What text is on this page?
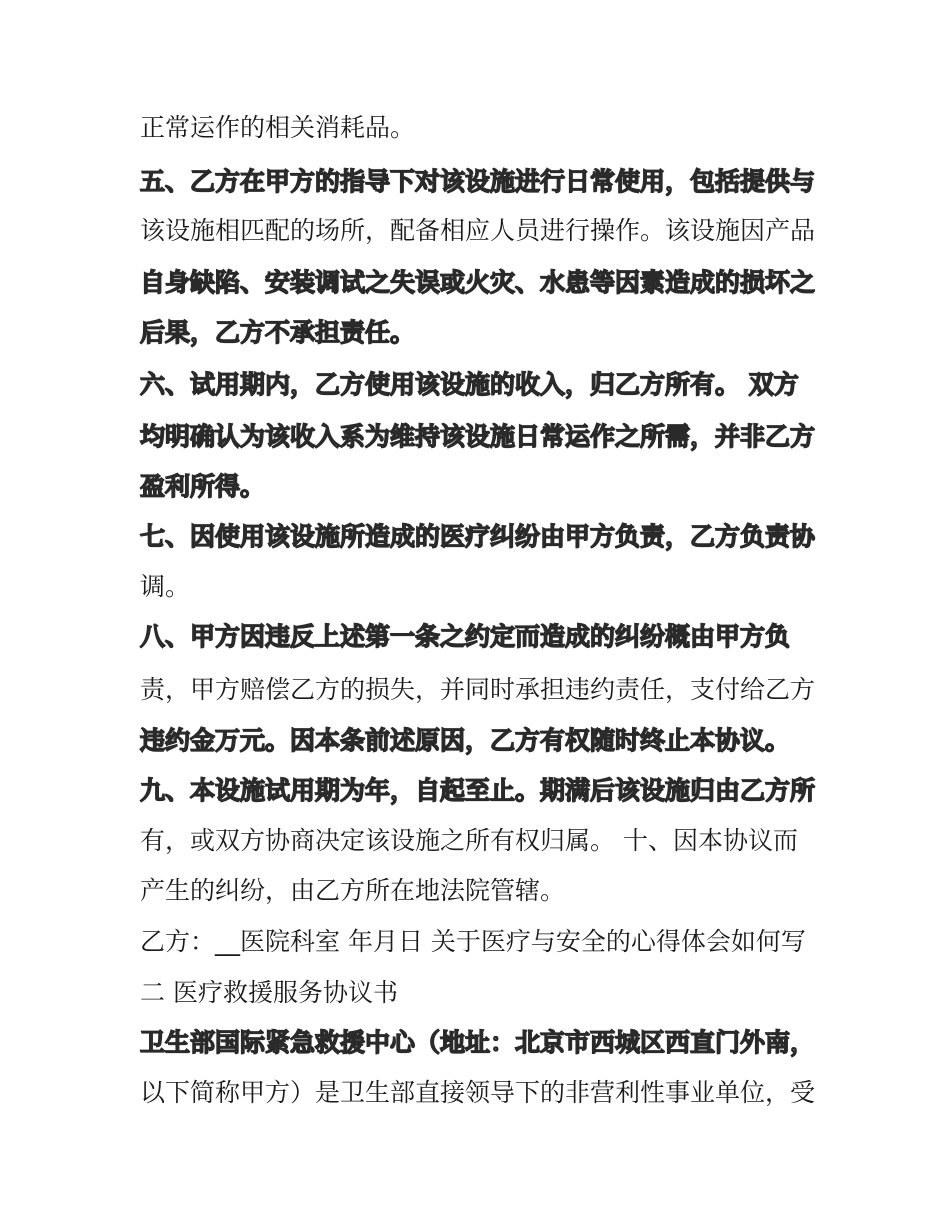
正常运作的相关消耗品。
五、乙方在甲方的指导下对该设施进行日常使用，包括提供与
该设施相匹配的场所，配备相应人员进行操作。该设施因产品
自身缺陷、安装调试之失误或火灾、水患等因素造成的损坏之
后果，乙方不承担责任。
六、试用期内，乙方使用该设施的收入，归乙方所有。 双方
均明确认为该收入系为维持该设施日常运作之所需，并非乙方
盈利所得。
七、因使用该设施所造成的医疗纠纷由甲方负责，乙方负责协
调。
八、甲方因违反上述第一条之约定而造成的纠纷概由甲方负
责，甲方赔偿乙方的损失，并同时承担违约责任，支付给乙方
违约金万元。因本条前述原因，乙方有权随时终止本协议。
九、本设施试用期为年，自起至止。期满后该设施归由乙方所
有，或双方协商决定该设施之所有权归属。 十、因本协议而
产生的纠纷，由乙方所在地法院管辖。
乙方：__医院科室 年月日 关于医疗与安全的心得体会如何写
二 医疗救援服务协议书
卫生部国际紧急救援中心（地址：北京市西城区西直门外南，
以下简称甲方）是卫生部直接领导下的非营利性事业单位，受
